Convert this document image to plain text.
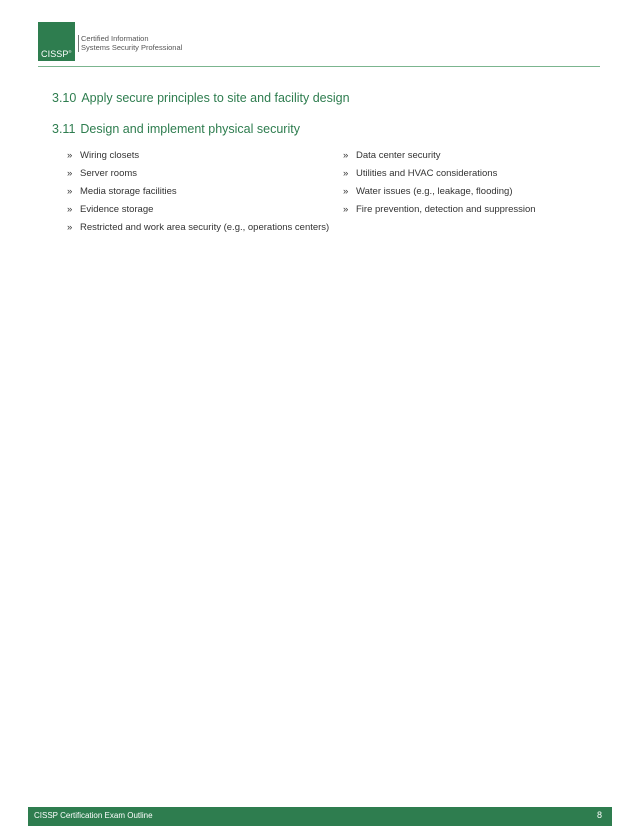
CISSP®
Certified Information
Systems Security Professional
3.10 Apply secure principles to site and facility design
3.11 Design and implement physical security
» Wiring closets
» Server rooms
» Media storage facilities
» Evidence storage
» Restricted and work area security (e.g., operations centers)
» Data center security
» Utilities and HVAC considerations
» Water issues (e.g., leakage, flooding)
» Fire prevention, detection and suppression
CISSP Certification Exam Outline	8
